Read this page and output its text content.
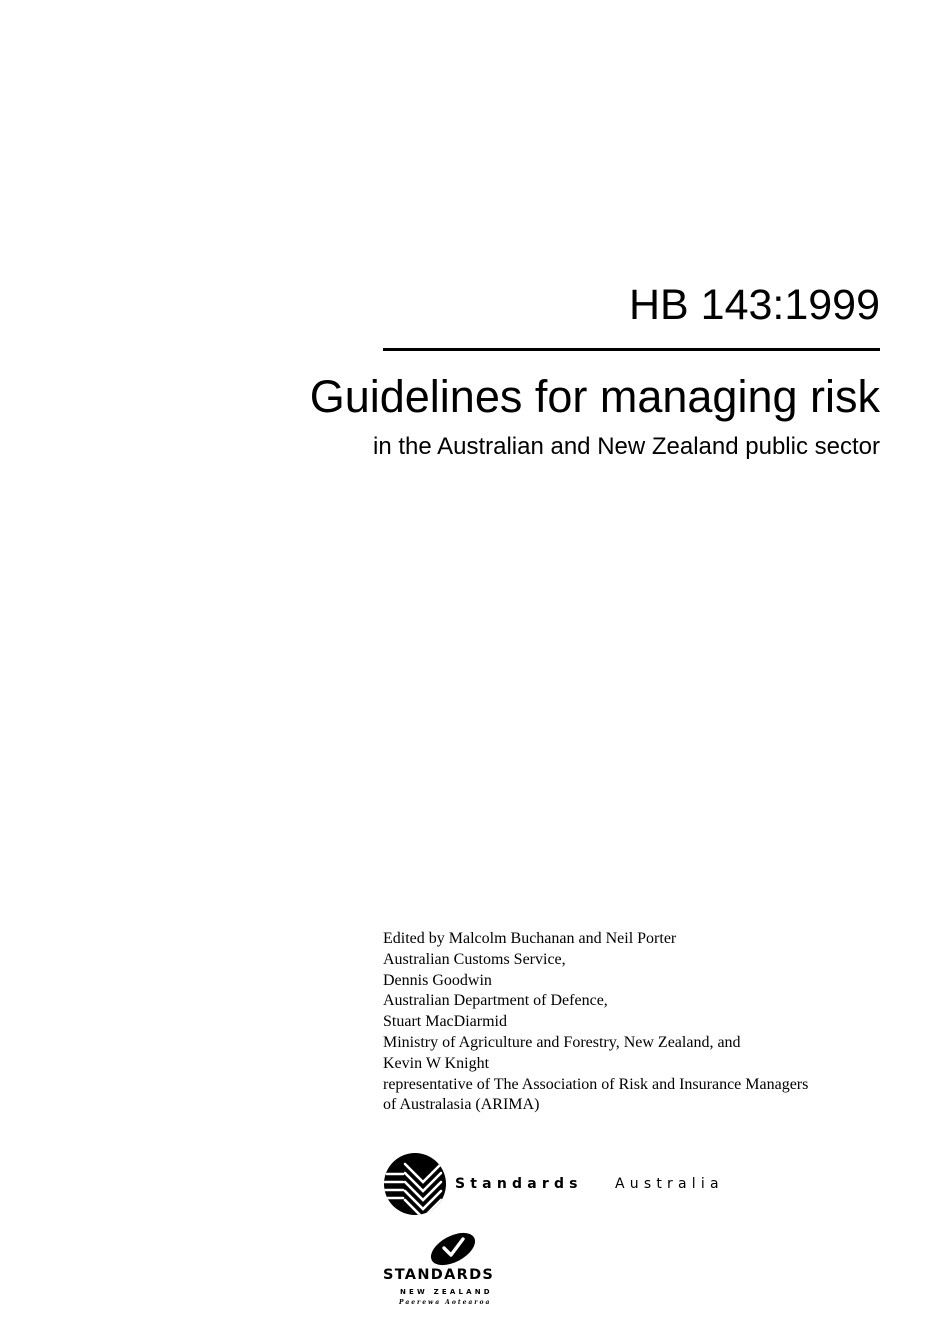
HB 143:1999
Guidelines for managing risk
in the Australian and New Zealand public sector
Edited by Malcolm Buchanan and Neil Porter
Australian Customs Service,
Dennis Goodwin
Australian Department of Defence,
Stuart MacDiarmid
Ministry of Agriculture and Forestry, New Zealand, and
Kevin W Knight
representative of The Association of Risk and Insurance Managers
of Australasia (ARIMA)
Standards Australia
STANDARDS
NEW ZEALAND
Paerewa Aotearoa
